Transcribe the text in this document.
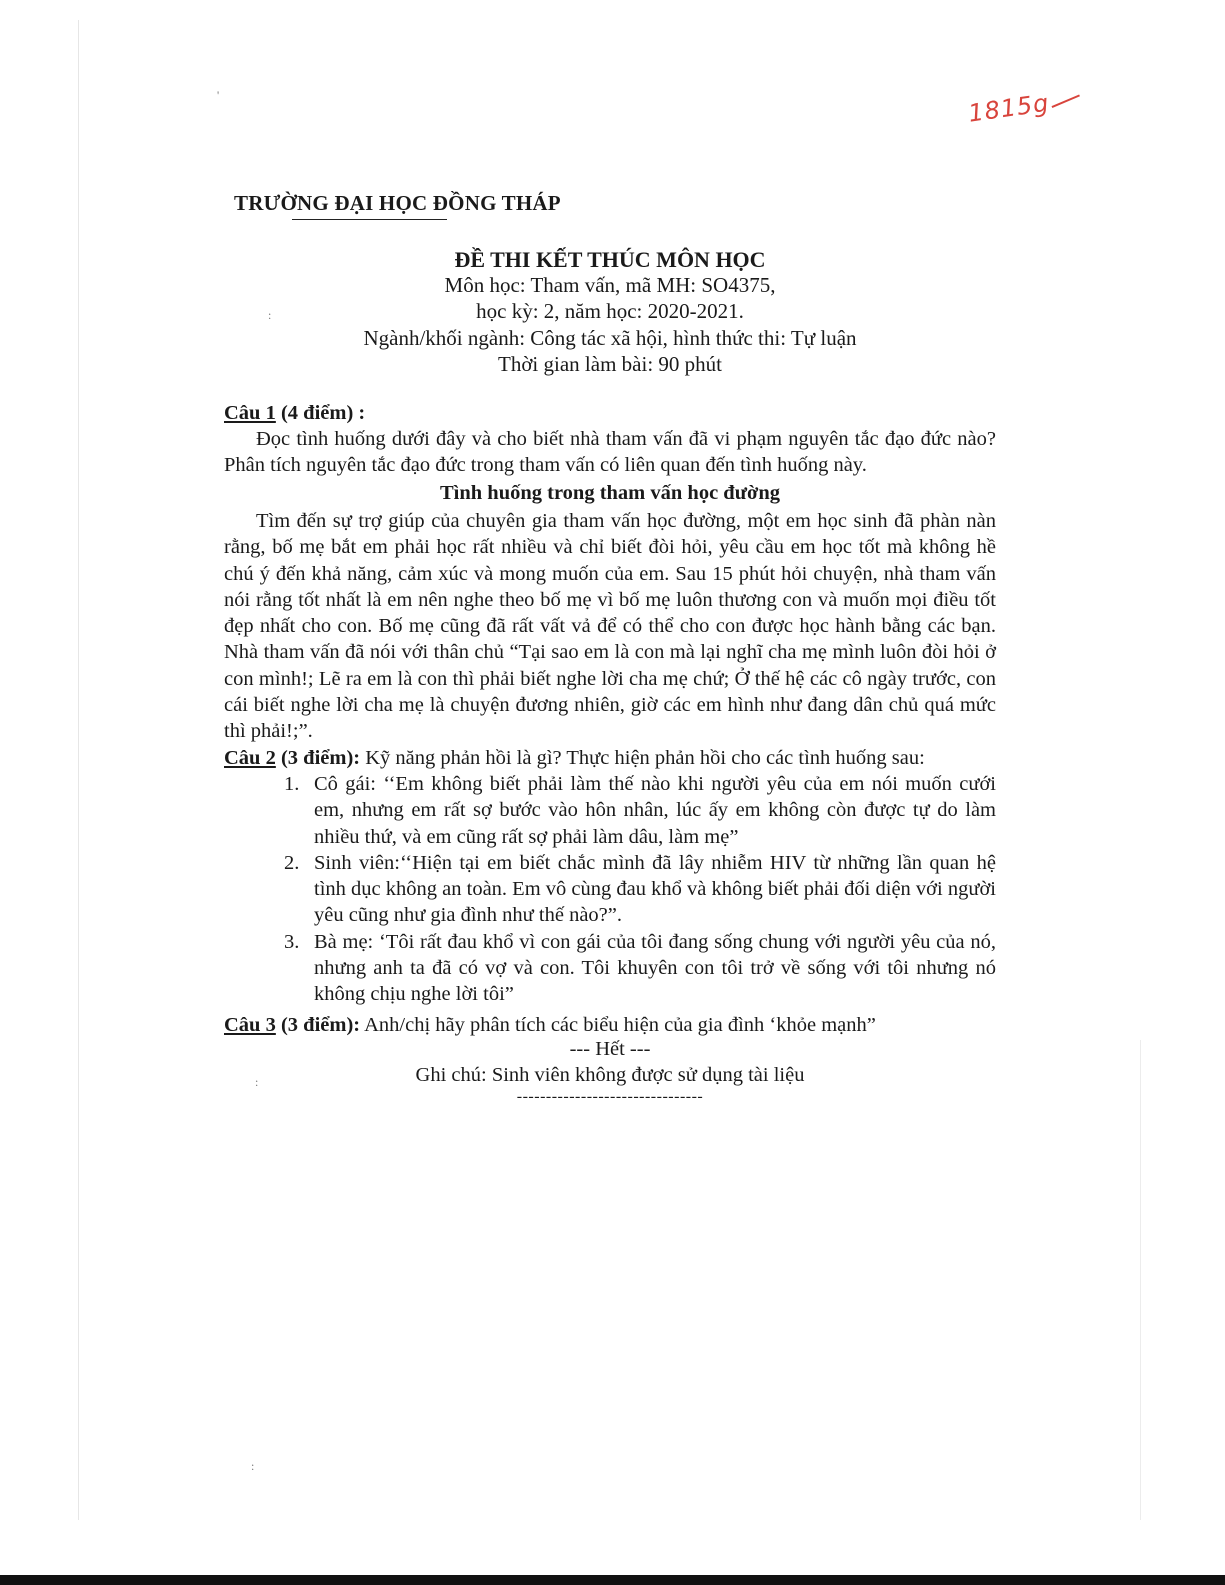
'
:
:
:
1815g
TRƯỜNG ĐẠI HỌC ĐỒNG THÁP
ĐỀ THI KẾT THÚC MÔN HỌC
Môn học: Tham vấn, mã MH: SO4375,
học kỳ: 2, năm học: 2020-2021.
Ngành/khối ngành: Công tác xã hội, hình thức thi: Tự luận
Thời gian làm bài: 90 phút
Câu 1 (4 điểm) :
Đọc tình huống dưới đây và cho biết nhà tham vấn đã vi phạm nguyên tắc đạo đức nào? Phân tích nguyên tắc đạo đức trong tham vấn có liên quan đến tình huống này.
Tình huống trong tham vấn học đường
Tìm đến sự trợ giúp của chuyên gia tham vấn học đường, một em học sinh đã phàn nàn rằng, bố mẹ bắt em phải học rất nhiều và chỉ biết đòi hỏi, yêu cầu em học tốt mà không hề chú ý đến khả năng, cảm xúc và mong muốn của em. Sau 15 phút hỏi chuyện, nhà tham vấn nói rằng tốt nhất là em nên nghe theo bố mẹ vì bố mẹ luôn thương con và muốn mọi điều tốt đẹp nhất cho con. Bố mẹ cũng đã rất vất vả để có thể cho con được học hành bằng các bạn. Nhà tham vấn đã nói với thân chủ “Tại sao em là con mà lại nghĩ cha mẹ mình luôn đòi hỏi ở con mình!; Lẽ ra em là con thì phải biết nghe lời cha mẹ chứ; Ở thế hệ các cô ngày trước, con cái biết nghe lời cha mẹ là chuyện đương nhiên, giờ các em hình như đang dân chủ quá mức thì phải!;”.
Câu 2 (3 điểm): Kỹ năng phản hồi là gì? Thực hiện phản hồi cho các tình huống sau:
1. Cô gái: ‘‘Em không biết phải làm thế nào khi người yêu của em nói muốn cưới em, nhưng em rất sợ bước vào hôn nhân, lúc ấy em không còn được tự do làm nhiều thứ, và em cũng rất sợ phải làm dâu, làm mẹ”
2. Sinh viên:‘‘Hiện tại em biết chắc mình đã lây nhiễm HIV từ những lần quan hệ tình dục không an toàn. Em vô cùng đau khổ và không biết phải đối diện với người yêu cũng như gia đình như thế nào?”.
3. Bà mẹ: ‘Tôi rất đau khổ vì con gái của tôi đang sống chung với người yêu của nó, nhưng anh ta đã có vợ và con. Tôi khuyên con tôi trở về sống với tôi nhưng nó không chịu nghe lời tôi”
Câu 3 (3 điểm): Anh/chị hãy phân tích các biểu hiện của gia đình ‘khỏe mạnh”
--- Hết ---
Ghi chú: Sinh viên không được sử dụng tài liệu
--------------------------------
